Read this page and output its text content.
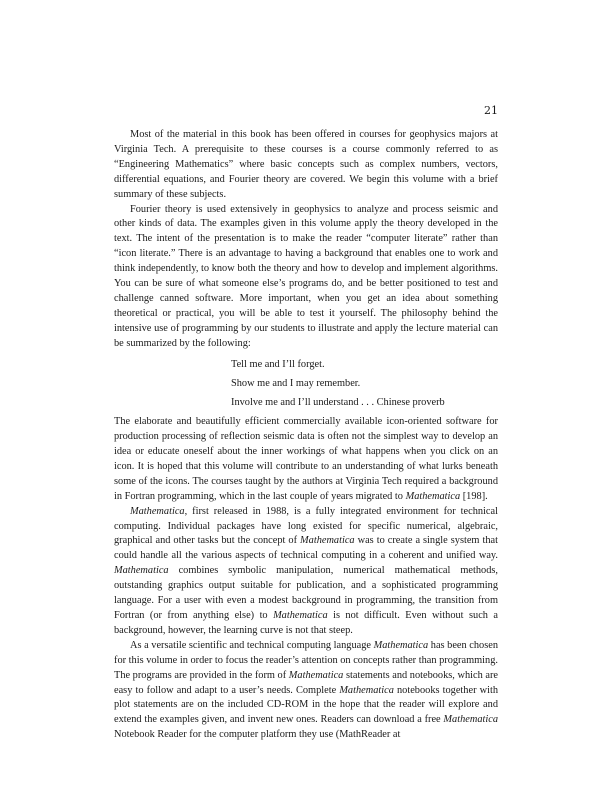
21

Most of the material in this book has been offered in courses for geophysics majors at Virginia Tech. A prerequisite to these courses is a course commonly referred to as “Engineering Mathematics” where basic concepts such as complex numbers, vectors, differential equations, and Fourier theory are covered. We begin this volume with a brief summary of these subjects.

Fourier theory is used extensively in geophysics to analyze and process seismic and other kinds of data. The examples given in this volume apply the theory developed in the text. The intent of the presentation is to make the reader “computer literate” rather than “icon literate.” There is an advantage to having a background that enables one to work and think independently, to know both the theory and how to develop and implement algorithms. You can be sure of what someone else’s programs do, and be better positioned to test and challenge canned software. More important, when you get an idea about something theoretical or practical, you will be able to test it yourself. The philosophy behind the intensive use of programming by our students to illustrate and apply the lecture material can be summarized by the following:

Tell me and I’ll forget.
Show me and I may remember.
Involve me and I’ll understand . . . Chinese proverb

The elaborate and beautifully efficient commercially available icon-oriented software for production processing of reflection seismic data is often not the simplest way to develop an idea or educate oneself about the inner workings of what happens when you click on an icon. It is hoped that this volume will contribute to an understanding of what lurks beneath some of the icons. The courses taught by the authors at Virginia Tech required a background in Fortran programming, which in the last couple of years migrated to Mathematica [198].

Mathematica, first released in 1988, is a fully integrated environment for technical computing. Individual packages have long existed for specific numerical, algebraic, graphical and other tasks but the concept of Mathematica was to create a single system that could handle all the various aspects of technical computing in a coherent and unified way. Mathematica combines symbolic manipulation, numerical mathematical methods, outstanding graphics output suitable for publication, and a sophisticated programming language. For a user with even a modest background in programming, the transition from Fortran (or from anything else) to Mathematica is not difficult. Even without such a background, however, the learning curve is not that steep.

As a versatile scientific and technical computing language Mathematica has been chosen for this volume in order to focus the reader’s attention on concepts rather than programming. The programs are provided in the form of Mathematica statements and notebooks, which are easy to follow and adapt to a user’s needs. Complete Mathematica notebooks together with plot statements are on the included CD-ROM in the hope that the reader will explore and extend the examples given, and invent new ones. Readers can download a free Mathematica Notebook Reader for the computer platform they use (MathReader at
